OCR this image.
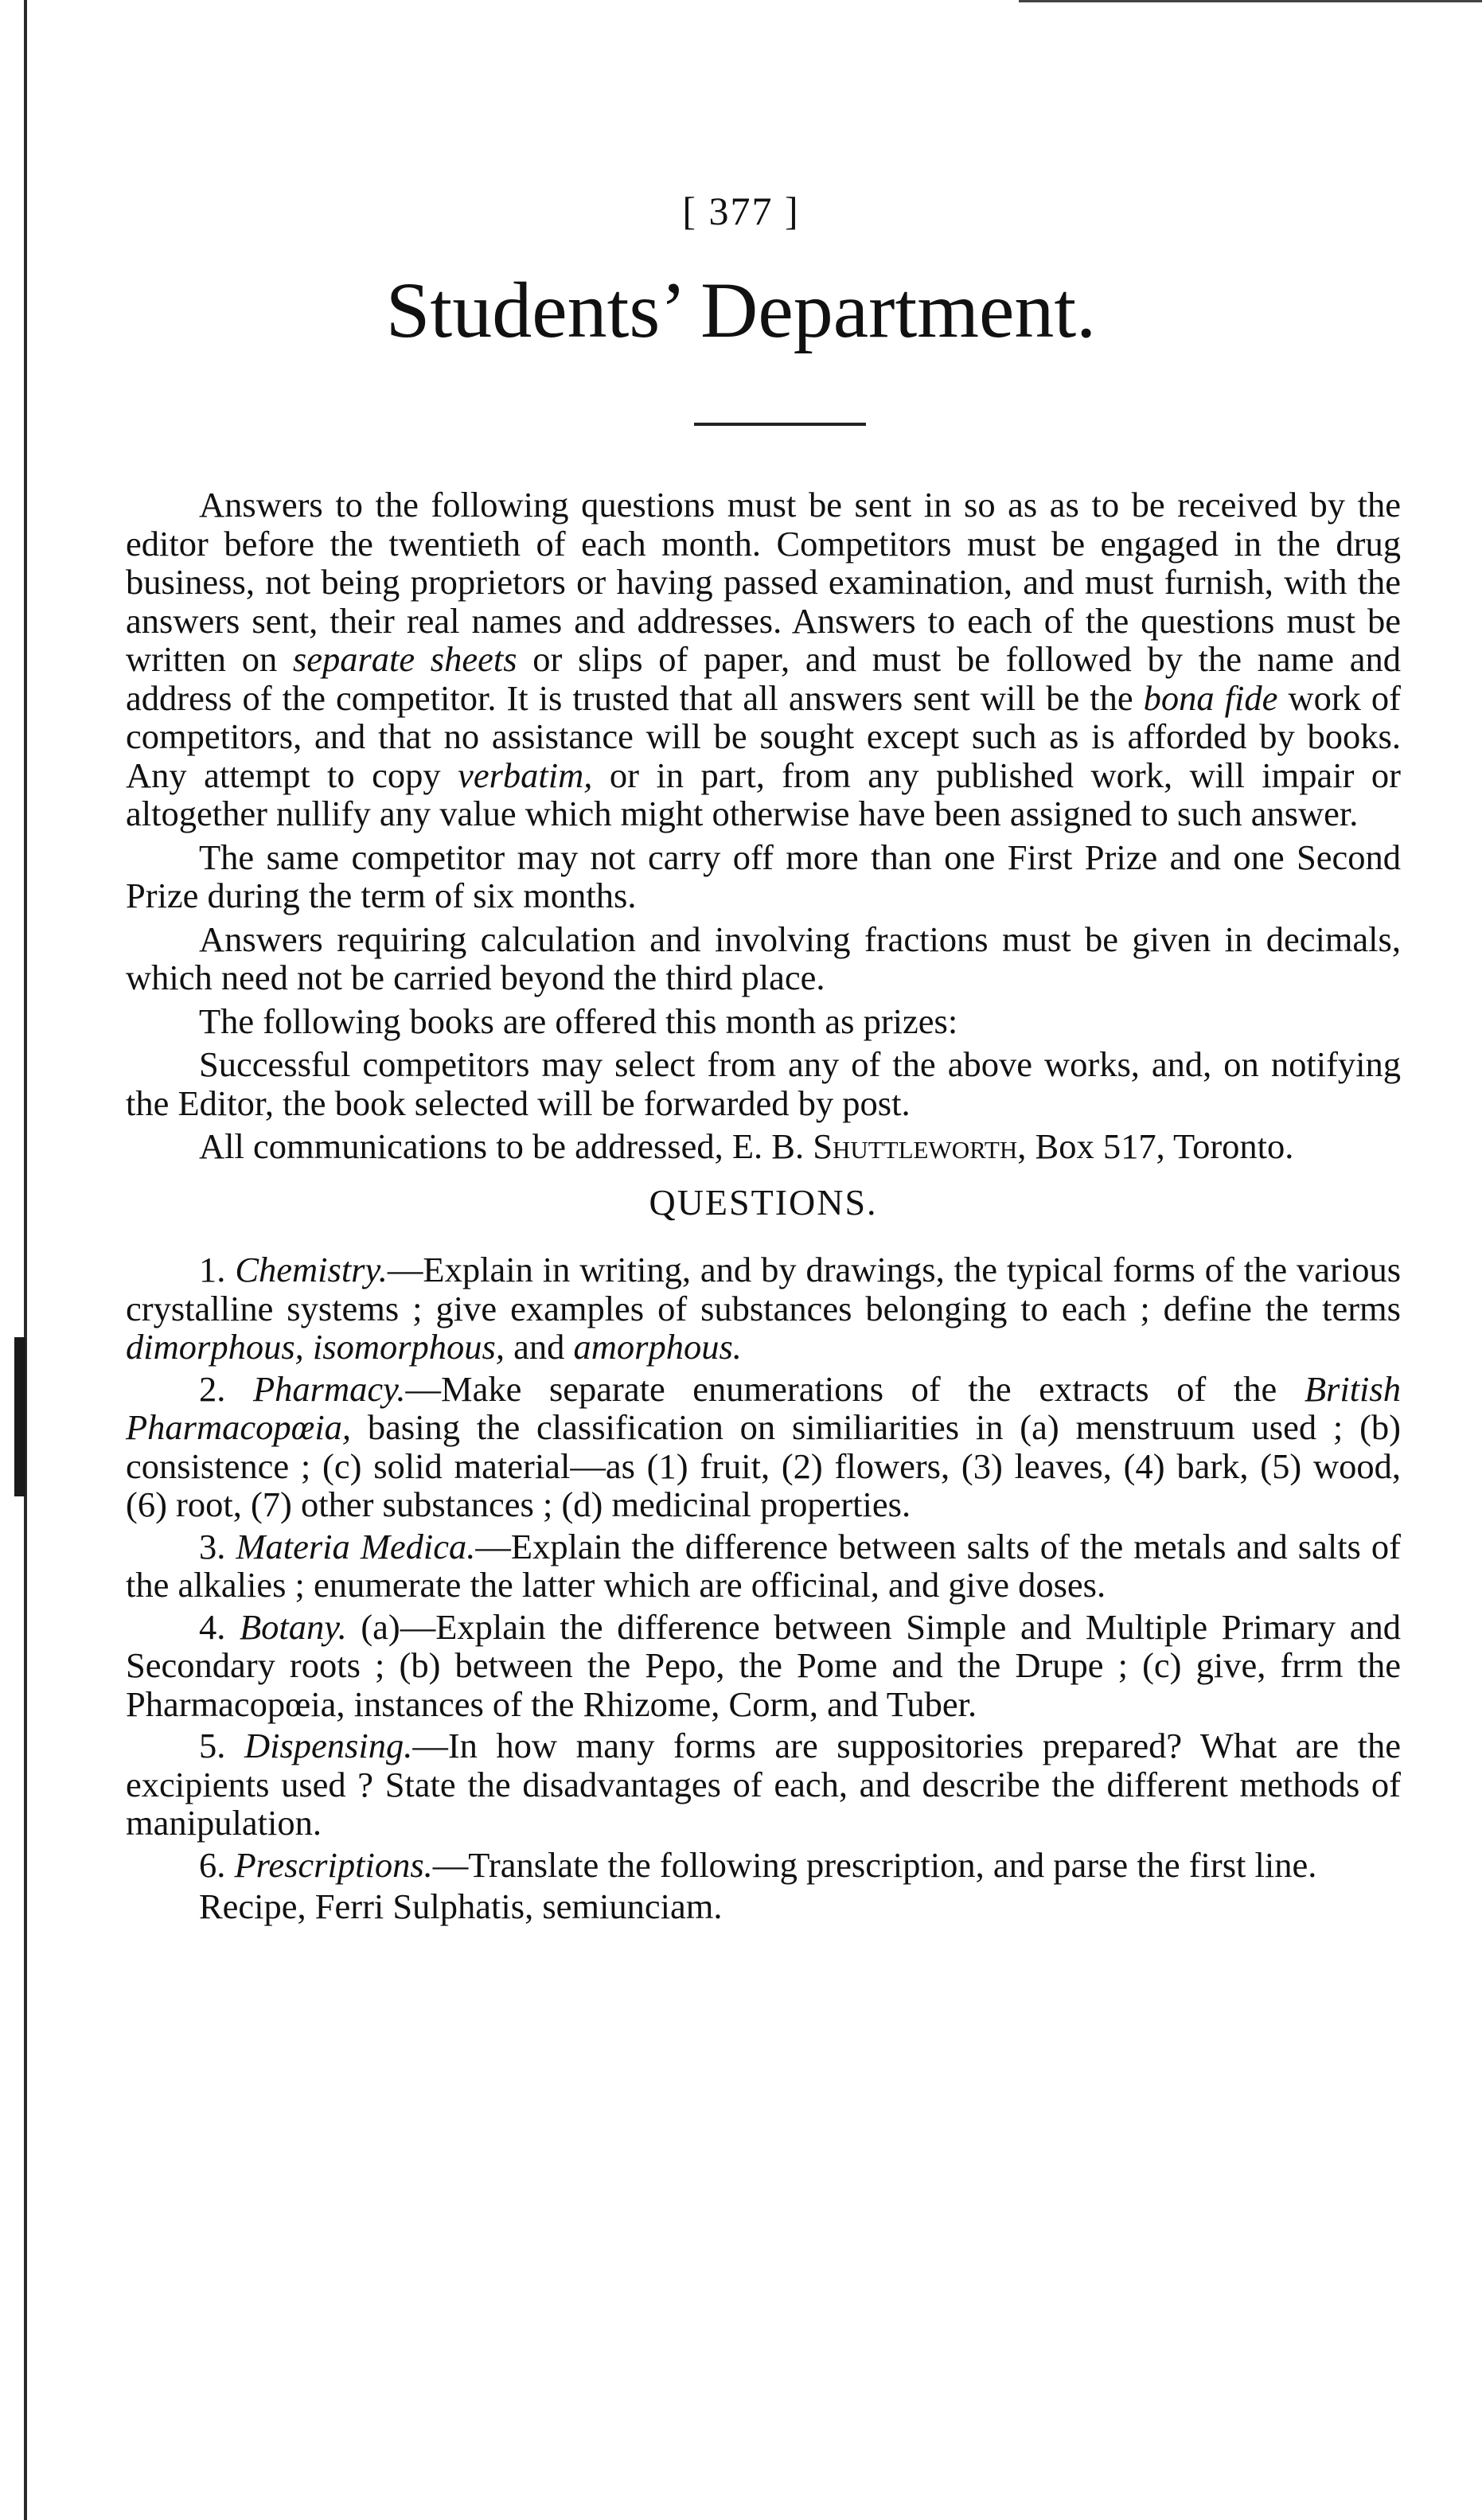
[ 377 ]
Students’ Department.

Answers to the following questions must be sent in so as as to be received by the editor before the twentieth of each month. Competitors must be engaged in the drug business, not being proprietors or having passed examination, and must furnish, with the answers sent, their real names and addresses. Answers to each of the questions must be written on separate sheets or slips of paper, and must be followed by the name and address of the competitor. It is trusted that all answers sent will be the bona fide work of competitors, and that no assistance will be sought except such as is afforded by books. Any attempt to copy verbatim, or in part, from any published work, will impair or altogether nullify any value which might otherwise have been assigned to such answer.

The same competitor may not carry off more than one First Prize and one Second Prize during the term of six months.

Answers requiring calculation and involving fractions must be given in decimals, which need not be carried beyond the third place.

The following books are offered this month as prizes:

Successful competitors may select from any of the above works, and, on notifying the Editor, the book selected will be forwarded by post.

All communications to be addressed, E. B. Shuttleworth, Box 517, Toronto.

QUESTIONS.

1. Chemistry.—Explain in writing, and by drawings, the typical forms of the various crystalline systems ; give examples of substances belonging to each ; define the terms dimorphous, isomorphous, and amorphous.

2. Pharmacy.—Make separate enumerations of the extracts of the British Pharmacopœia, basing the classification on similiarities in (a) menstruum used ; (b) consistence ; (c) solid material—as (1) fruit, (2) flowers, (3) leaves, (4) bark, (5) wood, (6) root, (7) other substances ; (d) medicinal properties.

3. Materia Medica.—Explain the difference between salts of the metals and salts of the alkalies ; enumerate the latter which are officinal, and give doses.

4. Botany. (a)—Explain the difference between Simple and Multiple Primary and Secondary roots ; (b) between the Pepo, the Pome and the Drupe ; (c) give, frrm the Pharmacopœia, instances of the Rhizome, Corm, and Tuber.

5. Dispensing.—In how many forms are suppositories prepared? What are the excipients used ? State the disadvantages of each, and describe the different methods of manipulation.

6. Prescriptions.—Translate the following prescription, and parse the first line.

Recipe, Ferri Sulphatis, semiunciam.
